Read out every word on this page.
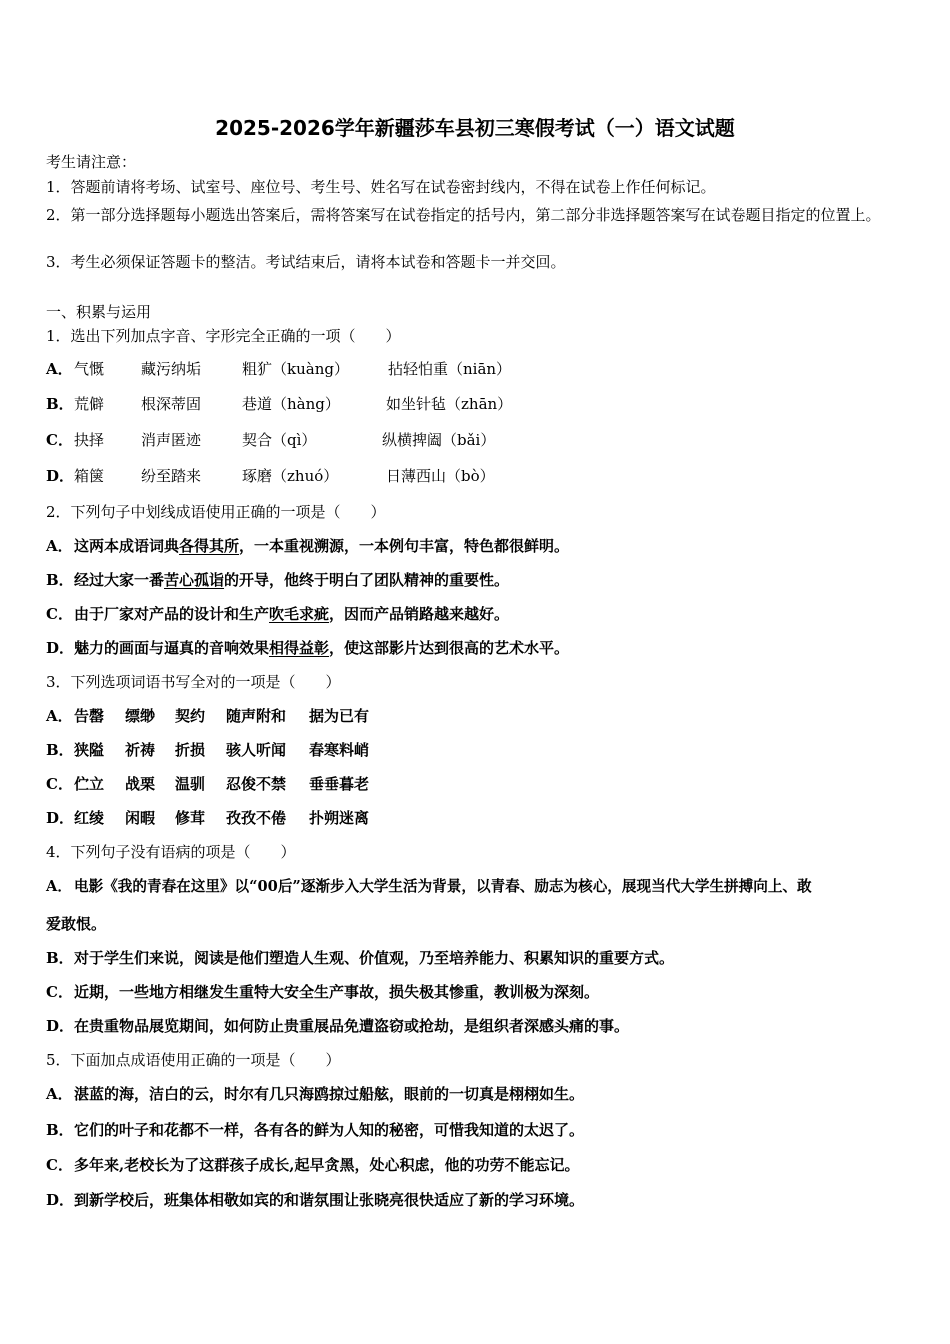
2025-2026学年新疆莎车县初三寒假考试（一）语文试题
考生请注意：
1．答题前请将考场、试室号、座位号、考生号、姓名写在试卷密封线内，不得在试卷上作任何标记。
2．第一部分选择题每小题选出答案后，需将答案写在试卷指定的括号内，第二部分非选择题答案写在试卷题目指定的位置上。
3．考生必须保证答题卡的整洁。考试结束后，请将本试卷和答题卡一并交回。
一、积累与运用
1．选出下列加点字音、字形完全正确的一项（　　）
A． 气慨 藏污纳垢	粗犷（kuàng）	拈轻怕重（niān）
B． 荒僻 根深蒂固	巷道（hàng）	如坐针毡（zhān）
C． 抉择 消声匿迹	契合（qì）	纵横捭阖（bǎi）
D． 箱箧 纷至踏来	琢磨（zhuó）	日薄西山（bò）
2．下列句子中划线成语使用正确的一项是（　　）
A．这两本成语词典各得其所，一本重视溯源，一本例句丰富，特色都很鲜明。
B．经过大家一番苦心孤诣的开导，他终于明白了团队精神的重要性。
C．由于厂家对产品的设计和生产吹毛求疵，因而产品销路越来越好。
D．魅力的画面与逼真的音响效果相得益彰，使这部影片达到很高的艺术水平。
3．下列选项词语书写全对的一项是（　　）
A． 告罄 缥缈 契约 随声附和 据为已有
B． 狭隘 祈祷 折损 骇人听闻 春寒料峭
C． 伫立 战栗 温驯 忍俊不禁 垂垂暮老
D． 红绫 闲暇 修茸 孜孜不倦 扑朔迷离
4．下列句子没有语病的项是（　　）
A． 电影《我的青春在这里》以“00后”逐渐步入大学生活为背景，以青春、励志为核心，展现当代大学生拼搏向上、敢
爱敢恨。
B．对于学生们来说，阅读是他们塑造人生观、价值观，乃至培养能力、积累知识的重要方式。
C．近期，一些地方相继发生重特大安全生产事故，损失极其惨重，教训极为深刻。
D．在贵重物品展览期间，如何防止贵重展品免遭盗窃或抢劫，是组织者深感头痛的事。
5．下面加点成语使用正确的一项是（　　）
A．湛蓝的海，洁白的云，时尔有几只海鸥掠过船舷，眼前的一切真是栩栩如生。
B．它们的叶子和花都不一样，各有各的鲜为人知的秘密，可惜我知道的太迟了。
C．多年来,老校长为了这群孩子成长,起早贪黑，处心积虑，他的功劳不能忘记。
D．到新学校后，班集体相敬如宾的和谐氛围让张晓亮很快适应了新的学习环境。
